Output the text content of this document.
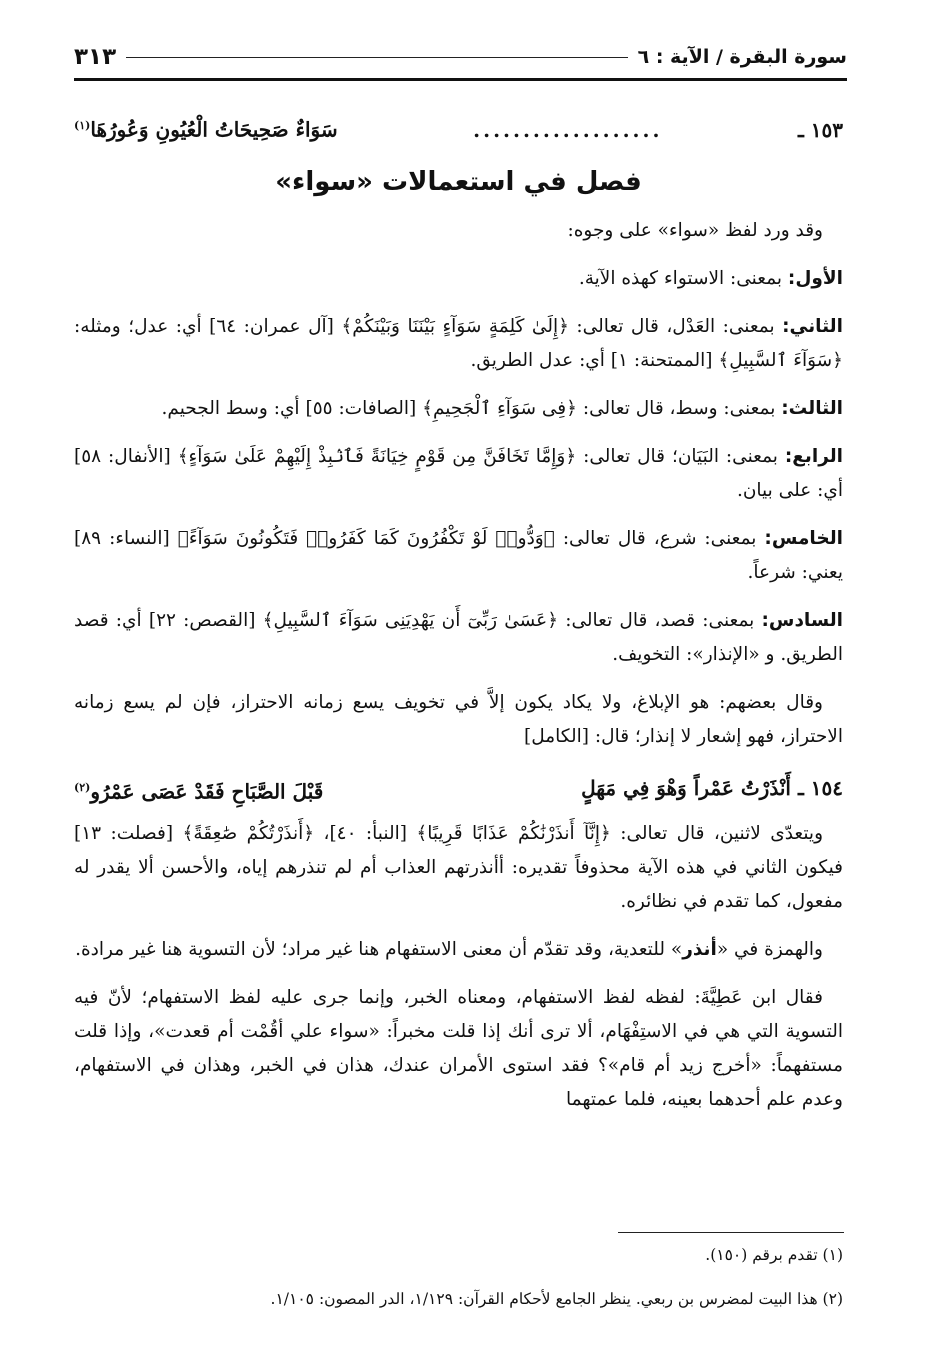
سورة البقرة / الآية : ٦
٣١٣
١٥٣ ـ
...................
سَوَاءٌ صَحِيحَاتُ الْعُيُونِ وَعُورُهَا$^{(١)}$
فصل في استعمالات «سواء»

وقد ورد لفظ «سواء» على وجوه:

الأول: بمعنى: الاستواء كهذه الآية.

الثاني: بمعنى: العَدْل، قال تعالى: ﴿إِلَىٰ كَلِمَةٍ سَوَآءٍ بَيْنَنَا وَبَيْنَكُمْ﴾ [آل عمران: ٦٤] أي: عدل؛ ومثله: ﴿سَوَآءَ ٱلسَّبِيلِ﴾ [الممتحنة: ١] أي: عدل الطريق.

الثالث: بمعنى: وسط، قال تعالى: ﴿فِى سَوَآءِ ٱلْجَحِيمِ﴾ [الصافات: ٥٥] أي: وسط الجحيم.

الرابع: بمعنى: البَيَان؛ قال تعالى: ﴿وَإِمَّا تَخَافَنَّ مِن قَوْمٍ خِيَانَةً فَٱنۢبِذْ إِلَيْهِمْ عَلَىٰ سَوَآءٍ﴾ [الأنفال: ٥٨] أي: على بيان.

الخامس: بمعنى: شرع، قال تعالى: ﴿وَدُّوا۟ لَوْ تَكْفُرُونَ كَمَا كَفَرُوا۟ فَتَكُونُونَ سَوَآءً﴾ [النساء: ٨٩] يعني: شرعاً.

السادس: بمعنى: قصد، قال تعالى: ﴿عَسَىٰ رَبِّىٓ أَن يَهْدِيَنِى سَوَآءَ ٱلسَّبِيلِ﴾ [القصص: ٢٢] أي: قصد الطريق. و «الإنذار»: التخويف.

وقال بعضهم: هو الإبلاغ، ولا يكاد يكون إلاَّ في تخويف يسع زمانه الاحتراز، فإن لم يسع زمانه الاحتراز، فهو إشعار لا إنذار؛ قال: [الكامل]

١٥٤ ـ أَنْذَرْتُ عَمْراً وَهْوَ فِي مَهَلٍ
قَبْلَ الصَّبَاحِ فَقَدْ عَصَى عَمْرُو$^{(٢)}$

ويتعدّى لاثنين، قال تعالى: ﴿إِنَّآ أَنذَرْنَٰكُمْ عَذَابًا قَرِيبًا﴾ [النبأ: ٤٠]، ﴿أَنذَرْتُكُمْ صَٰعِقَةً﴾ [فصلت: ١٣] فيكون الثاني في هذه الآية محذوفاً تقديره: أأنذرتهم العذاب أم لم تنذرهم إياه، والأحسن ألا يقدر له مفعول، كما تقدم في نظائره.

والهمزة في «أنذر» للتعدية، وقد تقدّم أن معنى الاستفهام هنا غير مراد؛ لأن التسوية هنا غير مرادة.

فقال ابن عَطِيَّةَ: لفظه لفظ الاستفهام، ومعناه الخبر، وإنما جرى عليه لفظ الاستفهام؛ لأنّ فيه التسوية التي هي في الاستِفْهَام، ألا ترى أنك إذا قلت مخبراً: «سواء علي أقُمْت أم قعدت»، وإذا قلت مستفهماً: «أخرج زيد أم قام»؟ فقد استوى الأمران عندك، هذان في الخبر، وهذان في الاستفهام، وعدم علم أحدهما بعينه، فلما عمتهما

(١) تقدم برقم (١٥٠).
(٢) هذا البيت لمضرس بن ربعي. ينظر الجامع لأحكام القرآن: ١/١٢٩، الدر المصون: ١/١٠٥.
